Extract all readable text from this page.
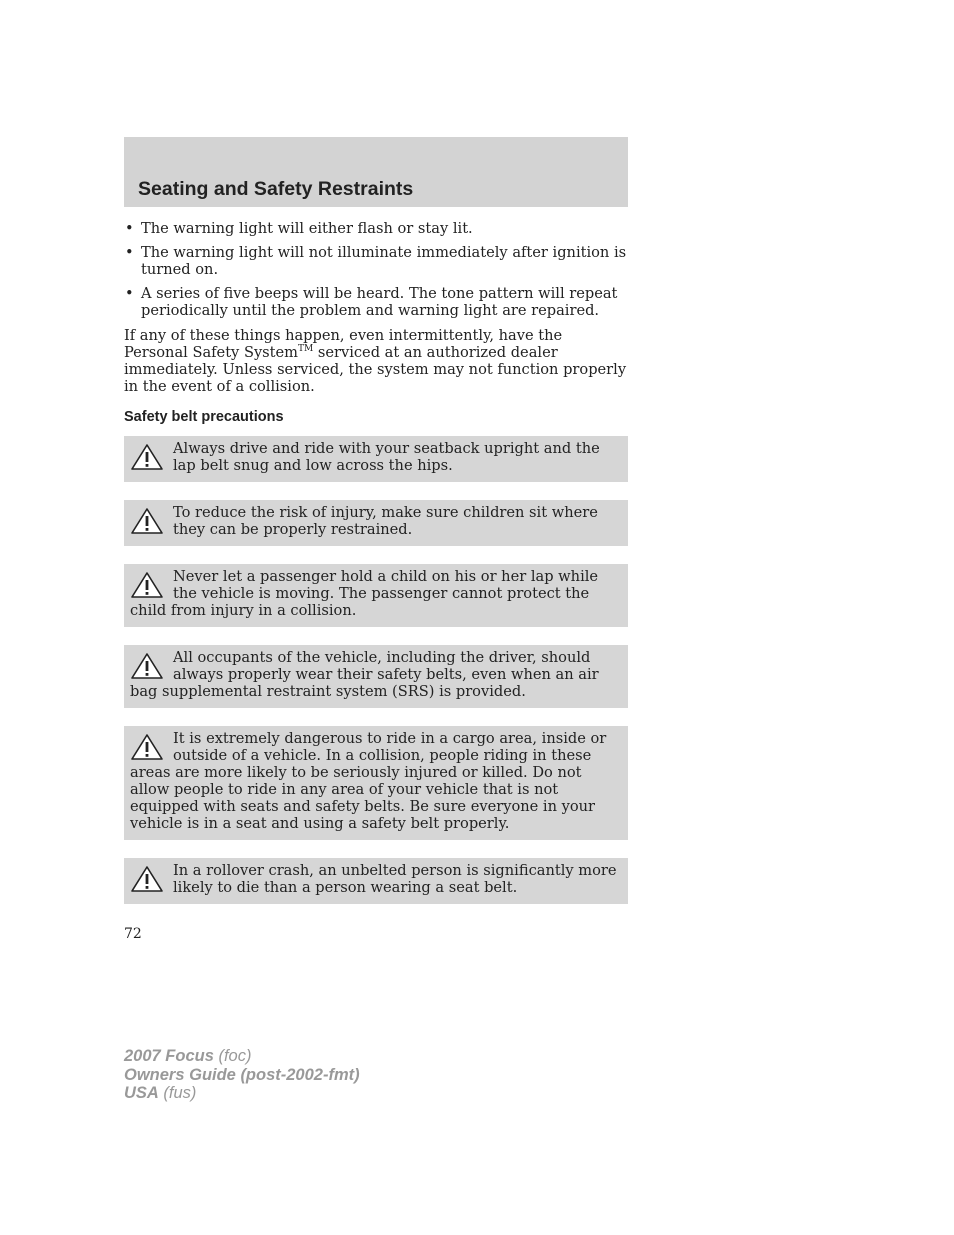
Seating and Safety Restraints
• The warning light will either flash or stay lit.
• The warning light will not illuminate immediately after ignition is turned on.
• A series of five beeps will be heard. The tone pattern will repeat periodically until the problem and warning light are repaired.

If any of these things happen, even intermittently, have the Personal Safety System™ serviced at an authorized dealer immediately. Unless serviced, the system may not function properly in the event of a collision.

Safety belt precautions

Always drive and ride with your seatback upright and the lap belt snug and low across the hips.

To reduce the risk of injury, make sure children sit where they can be properly restrained.

Never let a passenger hold a child on his or her lap while the vehicle is moving. The passenger cannot protect the child from injury in a collision.

All occupants of the vehicle, including the driver, should always properly wear their safety belts, even when an air bag supplemental restraint system (SRS) is provided.

It is extremely dangerous to ride in a cargo area, inside or outside of a vehicle. In a collision, people riding in these areas are more likely to be seriously injured or killed. Do not allow people to ride in any area of your vehicle that is not equipped with seats and safety belts. Be sure everyone in your vehicle is in a seat and using a safety belt properly.

In a rollover crash, an unbelted person is significantly more likely to die than a person wearing a seat belt.

72
2007 Focus (foc)
Owners Guide (post-2002-fmt)
USA (fus)
